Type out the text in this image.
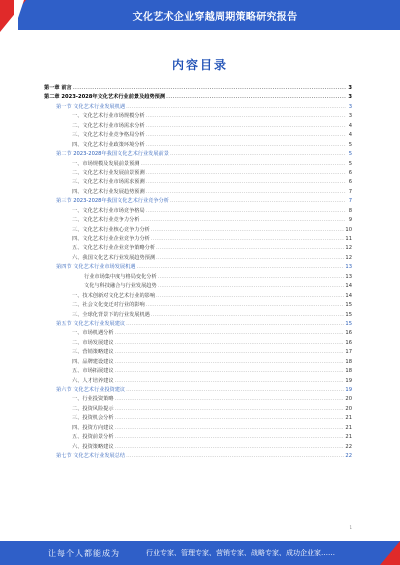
文化艺术企业穿越周期策略研究报告
内容目录
第一章 前言 .....	3
第二章 2023-2028年文化艺术行业前景及趋势预测 .....	3
第一节 文化艺术行业发展机遇 .....	3
一、文化艺术行业市场规模分析 .....	3
二、文化艺术行业市场需求分析 .....	4
三、文化艺术行业竞争格局分析 .....	4
四、文化艺术行业政策环境分析 .....	5
第二节 2023-2028年我国文化艺术行业发展前景 .....	5
一、市场规模及发展前景预测 .....	5
二、文化艺术行业发展前景预测 .....	6
三、文化艺术行业市场需求预测 .....	6
四、文化艺术行业发展趋势预测 .....	7
第三节 2023-2028年我国文化艺术行业竞争分析 .....	7
一、文化艺术行业市场竞争格局 .....	8
二、文化艺术行业竞争力分析 .....	9
三、文化艺术行业核心竞争力分析 .....	10
四、文化艺术行业企业竞争力分析 .....	11
五、文化艺术行业企业竞争策略分析 .....	12
六、我国文化艺术行业发展趋势预测 .....	12
第四节 文化艺术行业市场发展机遇 .....	13
行业市场集中度与格局变化分析 .....	13
文化与科技融合与行业发展趋势 .....	14
一、技术创新对文化艺术行业的影响 .....	14
二、社会文化变迁对行业的影响 .....	15
三、全球化背景下的行业发展机遇 .....	15
第五节 文化艺术行业发展建议 .....	15
一、市场机遇分析 .....	16
二、市场发展建议 .....	16
三、营销策略建议 .....	17
四、品牌建设建议 .....	18
五、市场拓展建议 .....	18
六、人才培养建议 .....	19
第六节 文化艺术行业投资建议 .....	19
一、行业投资策略 .....	20
二、投资风险提示 .....	20
三、投资机会分析 .....	21
四、投资方向建议 .....	21
五、投资前景分析 .....	21
六、投资策略建议 .....	22
第七节 文化艺术行业发展总结 .....	22
1
让每个人都能成为	行业专家、管理专家、营销专家、战略专家、成功企业家……
